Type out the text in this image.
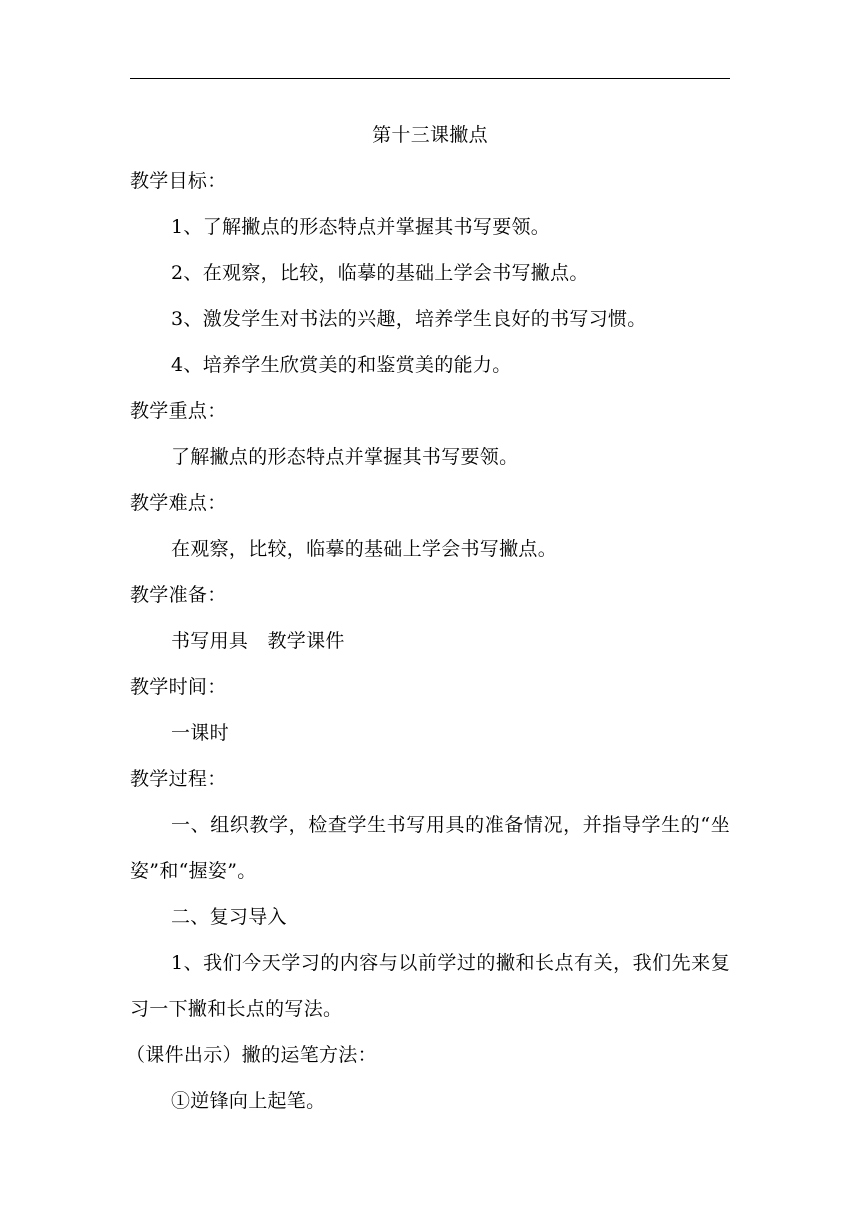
第十三课撇点
教学目标：
1、了解撇点的形态特点并掌握其书写要领。
2、在观察，比较，临摹的基础上学会书写撇点。
3、激发学生对书法的兴趣，培养学生良好的书写习惯。
4、培养学生欣赏美的和鉴赏美的能力。
教学重点：
了解撇点的形态特点并掌握其书写要领。
教学难点：
在观察，比较，临摹的基础上学会书写撇点。
教学准备：
书写用具　教学课件
教学时间：
一课时
教学过程：
一、组织教学，检查学生书写用具的准备情况，并指导学生的“坐姿”和“握姿”。
二、复习导入
1、我们今天学习的内容与以前学过的撇和长点有关，我们先来复习一下撇和长点的写法。
（课件出示）撇的运笔方法：
①逆锋向上起笔。
